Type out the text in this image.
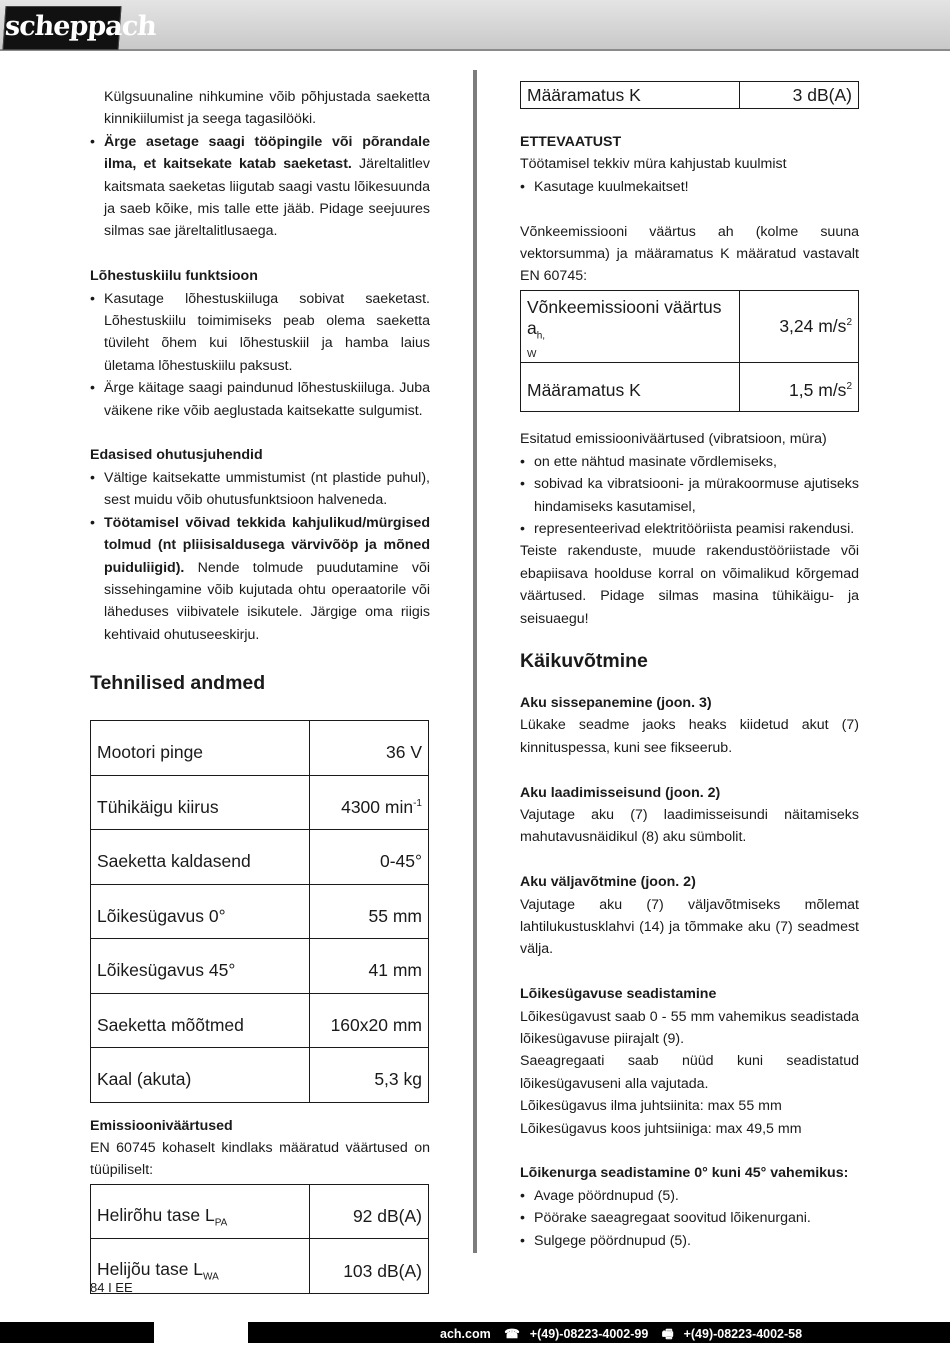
scheppach

Külgsuunaline nihkumine võib põhjustada saeketta kinnikiilumist ja seega tagasilööki.

• Ärge asetage saagi tööpingile või põrandale ilma, et kaitsekate katab saeketast. Järeltalitlev kaitsmata saeketas liigutab saagi vastu lõikesuunda ja saeb kõike, mis talle ette jääb. Pidage seejuures silmas sae järeltalitlusaega.

Lõhestuskiilu funktsioon

• Kasutage lõhestuskiiluga sobivat saeketast. Lõhestuskiilu toimimiseks peab olema saeketta tüvileht õhem kui lõhestuskiil ja hamba laius ületama lõhestuskiilu paksust.
• Ärge käitage saagi paindunud lõhestuskiiluga. Juba väikene rike võib aeglustada kaitsekatte sulgumist.

Edasised ohutusjuhendid

• Vältige kaitsekatte ummistumist (nt plastide puhul), sest muidu võib ohutusfunktsioon halveneda.
• Töötamisel võivad tekkida kahjulikud/mürgised tolmud (nt pliisisaldusega värvivõöp ja mõned puiduliigid). Nende tolmude puudutamine või sissehingamine võib kujutada ohtu operaatorile või läheduses viibivatele isikutele. Järgige oma riigis kehtivaid ohutuseeskirju.

Tehnilised andmed

Mootori pinge	36 V
Tühikäigu kiirus	4300 $\min^{-1}$
Saeketta kaldasend	0-45°
Lõikesügavus 0°	55 mm
Lõikesügavus 45°	41 mm
Saeketta mõõtmed	160x20 mm
Kaal (akuta)	5,3 kg

Emissiooniväärtused

EN 60745 kohaselt kindlaks määratud väärtused on tüüpiliselt:

Helirõhu tase $L_{PA}$	92 dB(A)
Helijõu tase $L_{WA}$	103 dB(A)
Määramatus K	3 dB(A)

ETTEVAATUST

Töötamisel tekkiv müra kahjustab kuulmist

• Kasutage kuulmekaitset!

Võnkeemissiooni väärtus ah (kolme suuna vektorsumma) ja määramatus K määratud vastavalt EN 60745:

Võnkeemissiooni väärtus $a_{h,}$
W	3,24 $m/s^2$
Määramatus K	1,5 $m/s^2$

Esitatud emissiooniväärtused (vibratsioon, müra)

• on ette nähtud masinate võrdlemiseks,
• sobivad ka vibratsiooni- ja mürakoormuse ajutiseks hindamiseks kasutamisel,
• representeerivad elektritööriista peamisi rakendusi.

Teiste rakenduste, muude rakendustööriistade või ebapiisava hoolduse korral on võimalikud kõrgemad väärtused. Pidage silmas masina tühikäigu- ja seisuaegu!

Käikuvõtmine

Aku sissepanemine (joon. 3)

Lükake seadme jaoks heaks kiidetud akut (7) kinnituspessa, kuni see fikseerub.

Aku laadimisseisund (joon. 2)

Vajutage aku (7) laadimisseisundi näitamiseks mahutavusnäidikul (8) aku sümbolit.

Aku väljavõtmine (joon. 2)

Vajutage aku (7) väljavõtmiseks mõlemat lahtilukustusklahvi (14) ja tõmmake aku (7) seadmest välja.

Lõikesügavuse seadistamine

Lõikesügavust saab 0 - 55 mm vahemikus seadistada lõikesügavuse piirajalt (9).

Saeagregaati saab nüüd kuni seadistatud lõikesügavuseni alla vajutada.

Lõikesügavus ilma juhtsiinita: max 55 mm

Lõikesügavus koos juhtsiiniga: max 49,5 mm

Lõikenurga seadistamine 0° kuni 45° vahemikus:

• Avage pöördnupud (5).
• Pöörake saeagregaat soovitud lõikenurgani.
• Sulgege pöördnupud (5).
84 I EE
ach.com ☎ +(49)-08223-4002-99 🖷 +(49)-08223-4002-58
